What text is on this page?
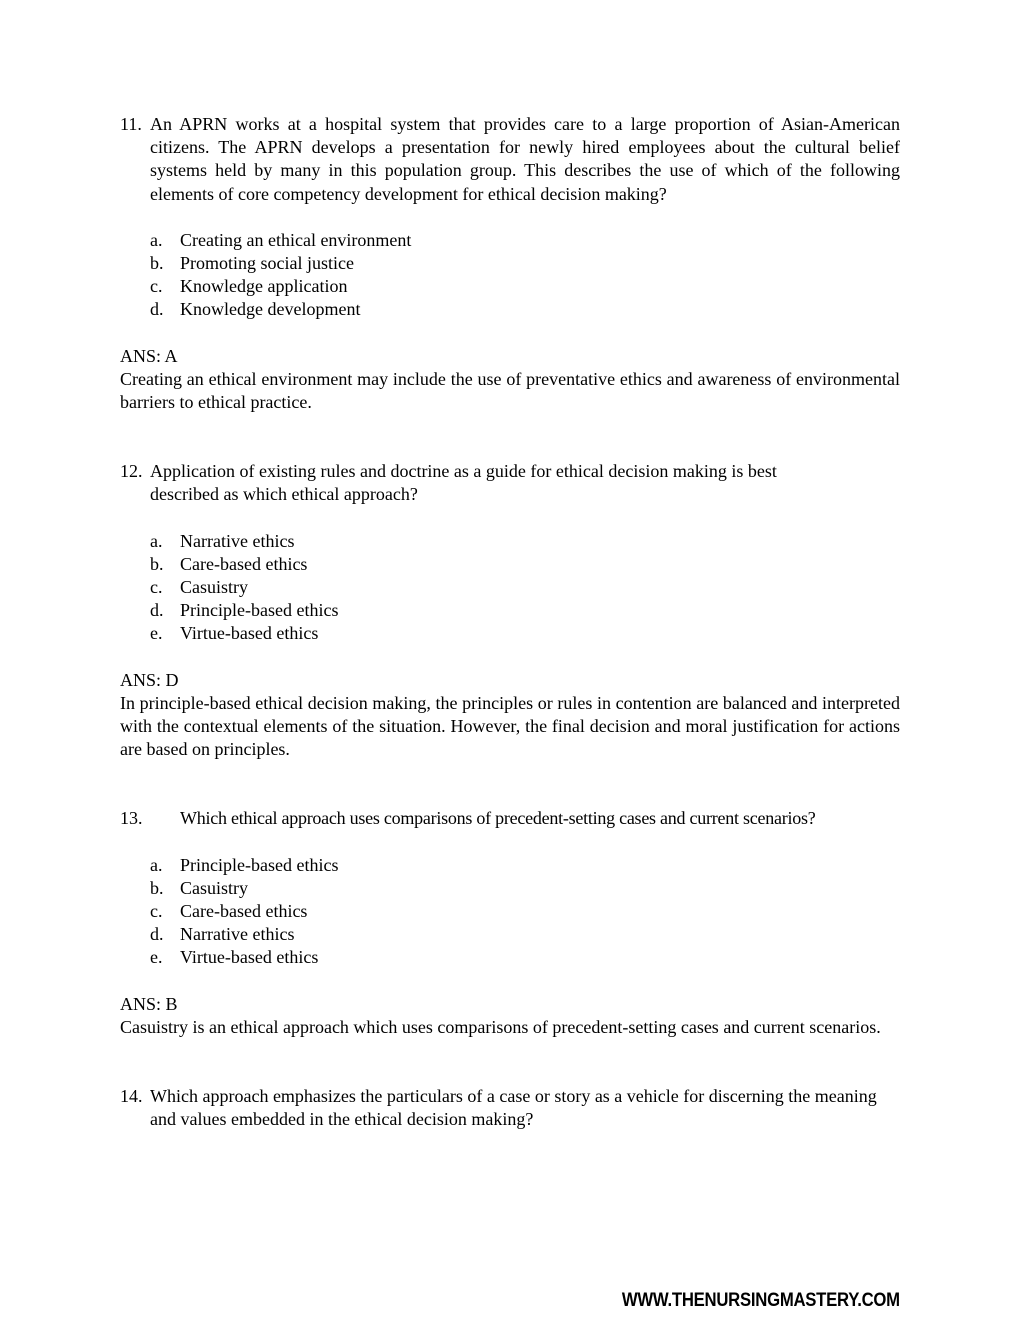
11. An APRN works at a hospital system that provides care to a large proportion of Asian-American citizens. The APRN develops a presentation for newly hired employees about the cultural belief systems held by many in this population group. This describes the use of which of the following elements of core competency development for ethical decision making?
a. Creating an ethical environment
b. Promoting social justice
c. Knowledge application
d. Knowledge development
ANS: A
Creating an ethical environment may include the use of preventative ethics and awareness of environmental barriers to ethical practice.
12. Application of existing rules and doctrine as a guide for ethical decision making is best described as which ethical approach?
a. Narrative ethics
b. Care-based ethics
c. Casuistry
d. Principle-based ethics
e. Virtue-based ethics
ANS: D
In principle-based ethical decision making, the principles or rules in contention are balanced and interpreted with the contextual elements of the situation. However, the final decision and moral justification for actions are based on principles.
13.	Which ethical approach uses comparisons of precedent-setting cases and current scenarios?
a. Principle-based ethics
b. Casuistry
c. Care-based ethics
d. Narrative ethics
e. Virtue-based ethics
ANS: B
Casuistry is an ethical approach which uses comparisons of precedent-setting cases and current scenarios.
14. Which approach emphasizes the particulars of a case or story as a vehicle for discerning the meaning and values embedded in the ethical decision making?
WWW.THENURSINGMASTERY.COM
